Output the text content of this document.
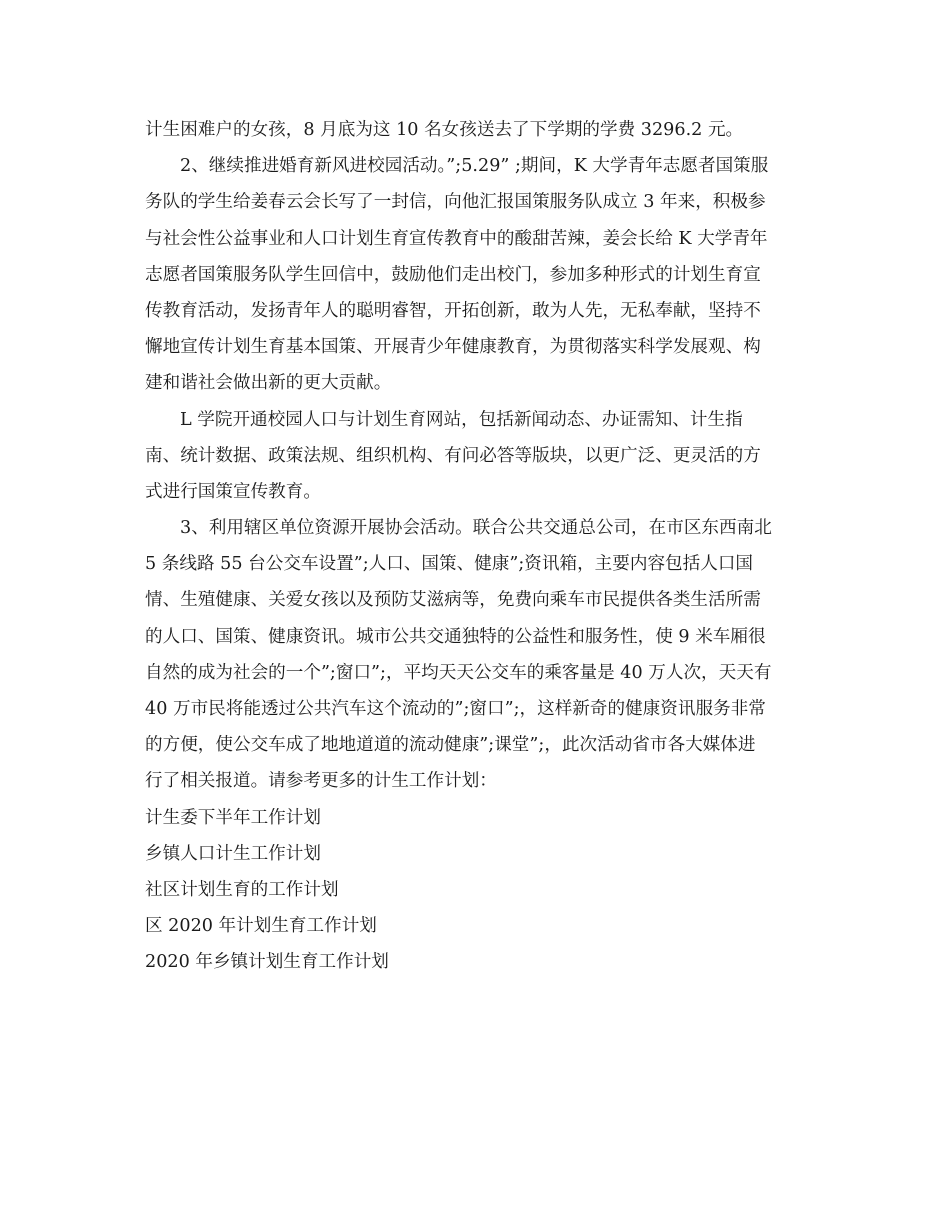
计生困难户的女孩，8 月底为这 10 名女孩送去了下学期的学费 3296.2 元。
2、继续推进婚育新风进校园活动。”;5.29” ;期间，K 大学青年志愿者国策服
务队的学生给姜春云会长写了一封信，向他汇报国策服务队成立 3 年来，积极参
与社会性公益事业和人口计划生育宣传教育中的酸甜苦辣，姜会长给 K 大学青年
志愿者国策服务队学生回信中，鼓励他们走出校门，参加多种形式的计划生育宣
传教育活动，发扬青年人的聪明睿智，开拓创新，敢为人先，无私奉献，坚持不
懈地宣传计划生育基本国策、开展青少年健康教育，为贯彻落实科学发展观、构
建和谐社会做出新的更大贡献。
L 学院开通校园人口与计划生育网站，包括新闻动态、办证需知、计生指
南、统计数据、政策法规、组织机构、有问必答等版块，以更广泛、更灵活的方
式进行国策宣传教育。
3、利用辖区单位资源开展协会活动。联合公共交通总公司，在市区东西南北
5 条线路 55 台公交车设置”;人口、国策、健康”;资讯箱，主要内容包括人口国
情、生殖健康、关爱女孩以及预防艾滋病等，免费向乘车市民提供各类生活所需
的人口、国策、健康资讯。城市公共交通独特的公益性和服务性，使 9 米车厢很
自然的成为社会的一个”;窗口”;，平均天天公交车的乘客量是 40 万人次，天天有
40 万市民将能透过公共汽车这个流动的”;窗口”;，这样新奇的健康资讯服务非常
的方便，使公交车成了地地道道的流动健康”;课堂”;，此次活动省市各大媒体进
行了相关报道。请参考更多的计生工作计划：
计生委下半年工作计划
乡镇人口计生工作计划
社区计划生育的工作计划
区 2020 年计划生育工作计划
2020 年乡镇计划生育工作计划
